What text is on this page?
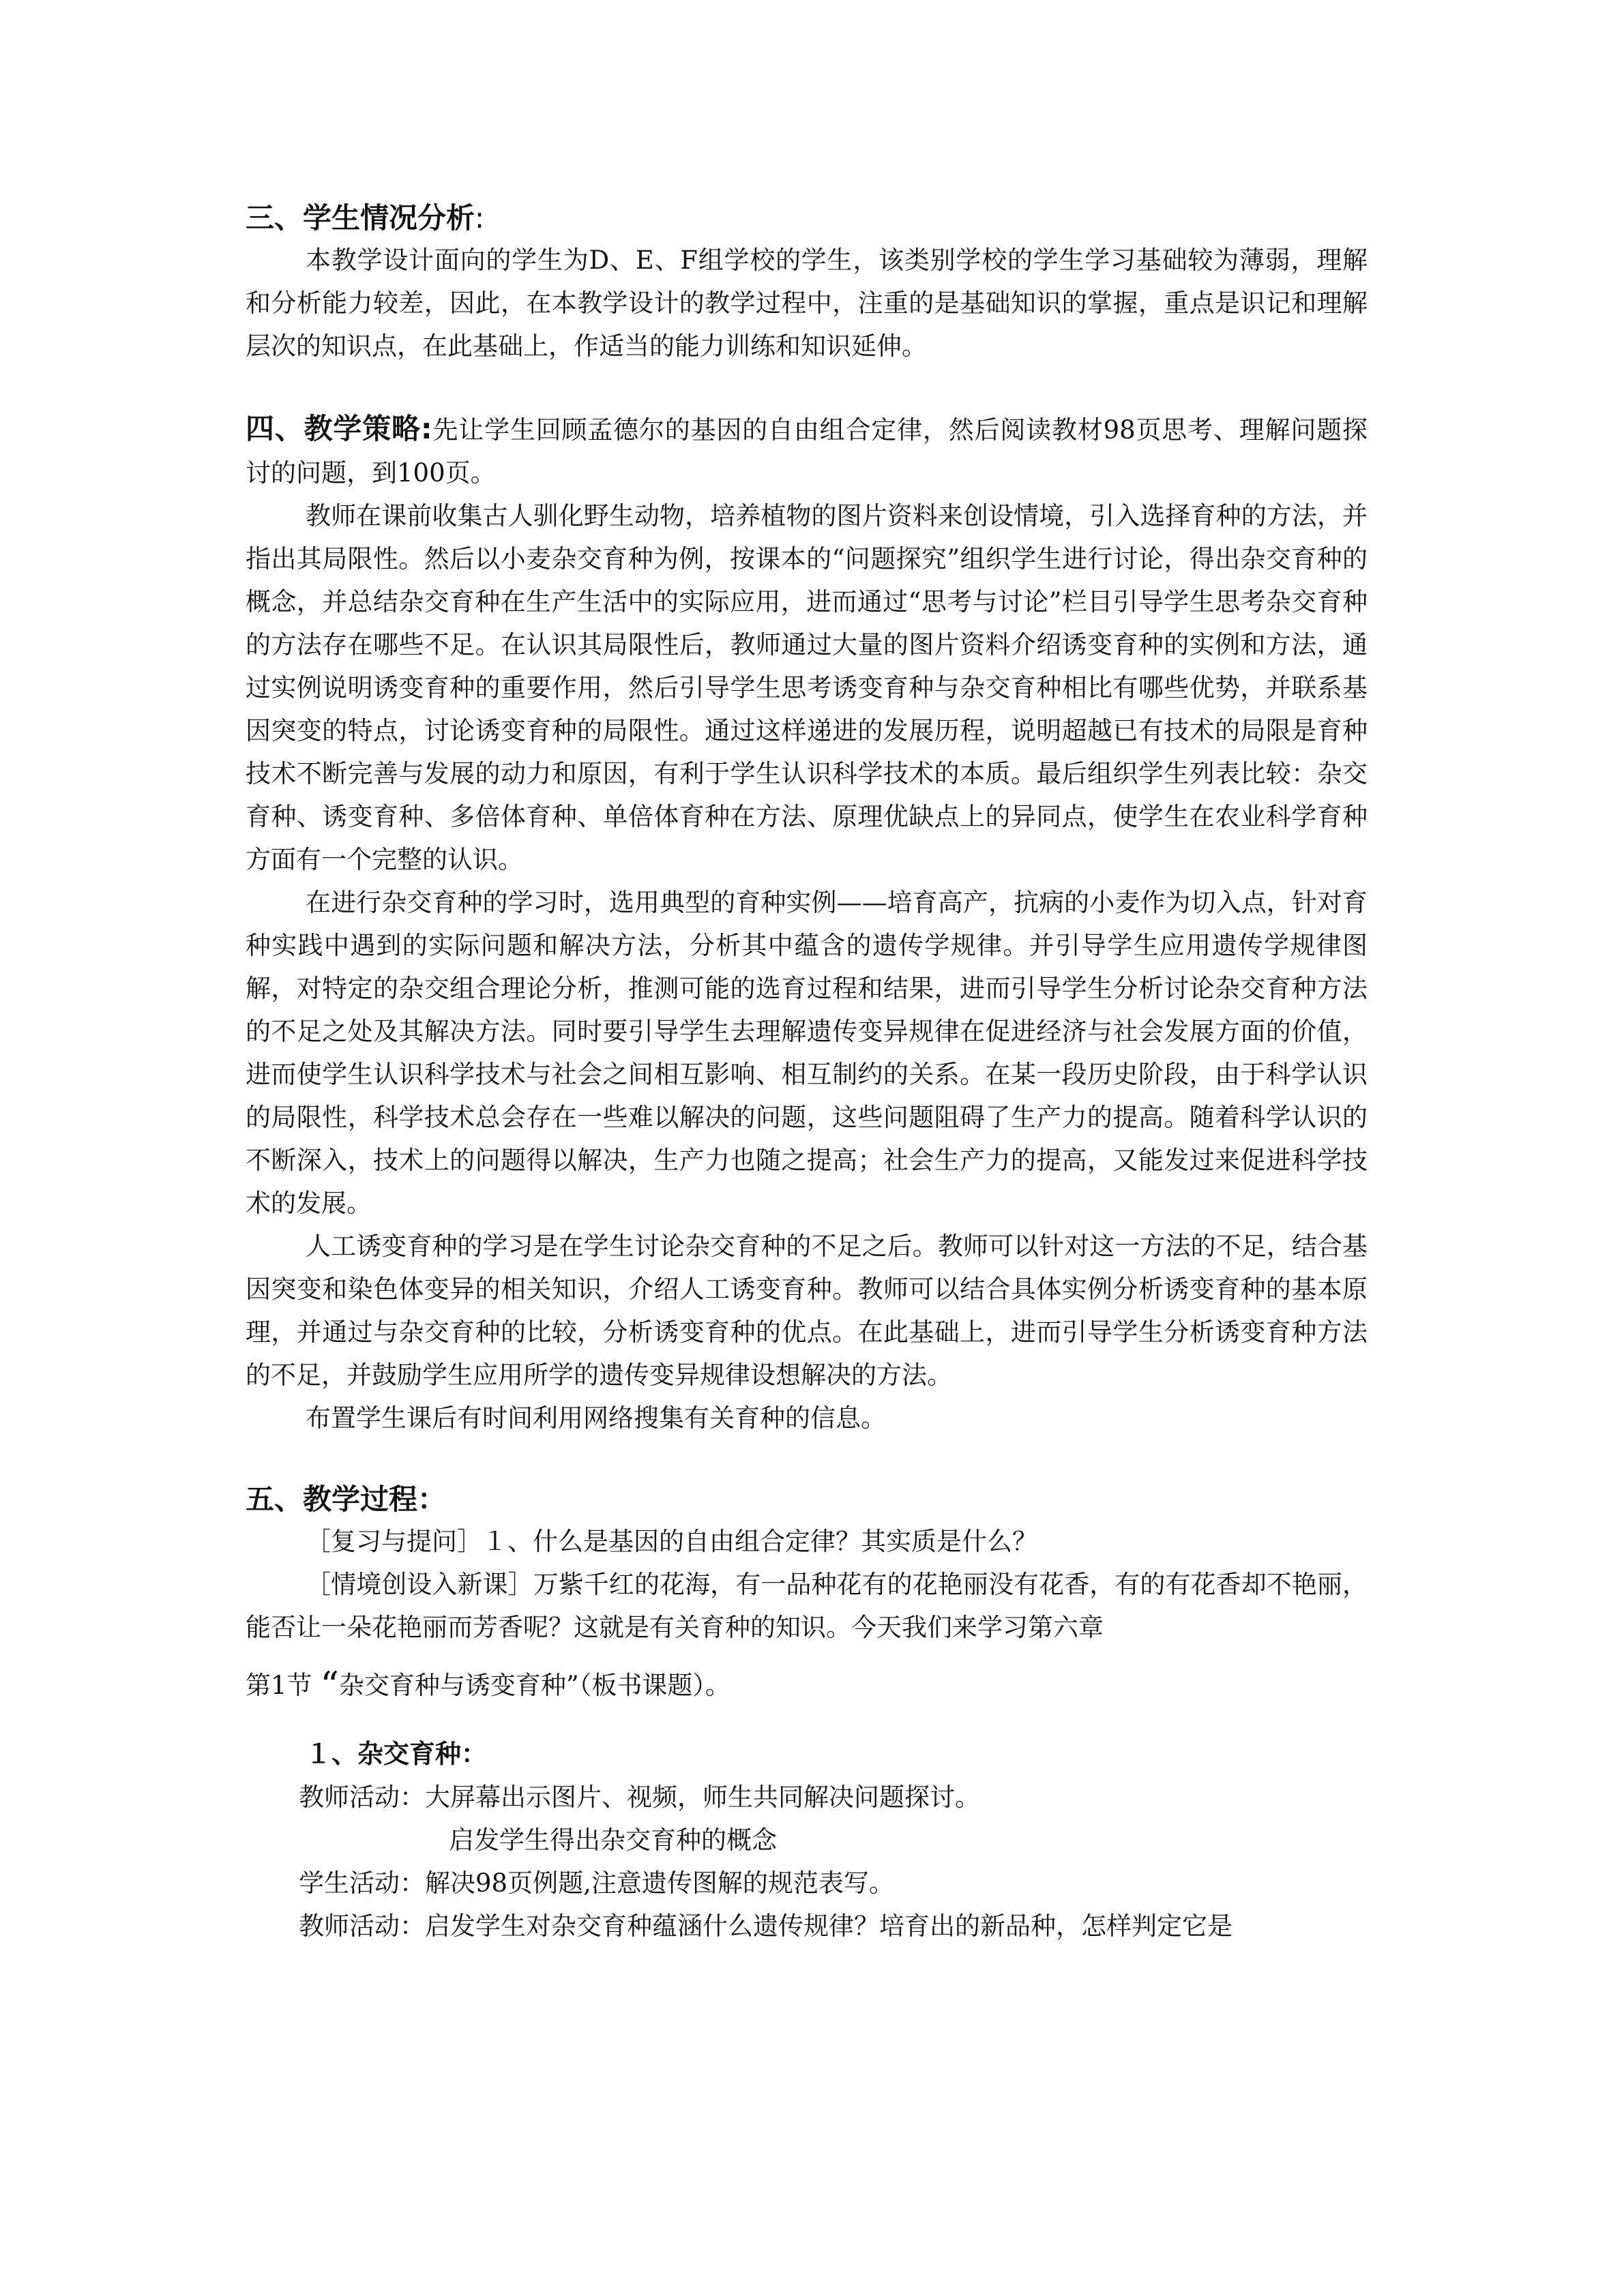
三、学生情况分析:

本教学设计面向的学生为D、E、F组学校的学生，该类别学校的学生学习基础较为薄弱，理解和分析能力较差，因此，在本教学设计的教学过程中，注重的是基础知识的掌握，重点是识记和理解层次的知识点，在此基础上，作适当的能力训练和知识延伸。

四、教学策略:先让学生回顾孟德尔的基因的自由组合定律，然后阅读教材98页思考、理解问题探讨的问题，到100页。

教师在课前收集古人驯化野生动物，培养植物的图片资料来创设情境，引入选择育种的方法，并指出其局限性。然后以小麦杂交育种为例，按课本的“问题探究”组织学生进行讨论，得出杂交育种的概念，并总结杂交育种在生产生活中的实际应用，进而通过“思考与讨论”栏目引导学生思考杂交育种的方法存在哪些不足。在认识其局限性后，教师通过大量的图片资料介绍诱变育种的实例和方法，通过实例说明诱变育种的重要作用，然后引导学生思考诱变育种与杂交育种相比有哪些优势，并联系基因突变的特点，讨论诱变育种的局限性。通过这样递进的发展历程，说明超越已有技术的局限是育种技术不断完善与发展的动力和原因，有利于学生认识科学技术的本质。最后组织学生列表比较：杂交育种、诱变育种、多倍体育种、单倍体育种在方法、原理优缺点上的异同点，使学生在农业科学育种方面有一个完整的认识。

在进行杂交育种的学习时，选用典型的育种实例——培育高产，抗病的小麦作为切入点，针对育种实践中遇到的实际问题和解决方法，分析其中蕴含的遗传学规律。并引导学生应用遗传学规律图解，对特定的杂交组合理论分析，推测可能的选育过程和结果，进而引导学生分析讨论杂交育种方法的不足之处及其解决方法。同时要引导学生去理解遗传变异规律在促进经济与社会发展方面的价值，进而使学生认识科学技术与社会之间相互影响、相互制约的关系。在某一段历史阶段，由于科学认识的局限性，科学技术总会存在一些难以解决的问题，这些问题阻碍了生产力的提高。随着科学认识的不断深入，技术上的问题得以解决，生产力也随之提高；社会生产力的提高，又能发过来促进科学技术的发展。

人工诱变育种的学习是在学生讨论杂交育种的不足之后。教师可以针对这一方法的不足，结合基因突变和染色体变异的相关知识，介绍人工诱变育种。教师可以结合具体实例分析诱变育种的基本原理，并通过与杂交育种的比较，分析诱变育种的优点。在此基础上，进而引导学生分析诱变育种方法的不足，并鼓励学生应用所学的遗传变异规律设想解决的方法。

布置学生课后有时间利用网络搜集有关育种的信息。

五、教学过程：

［复习与提问］１、什么是基因的自由组合定律？其实质是什么？

［情境创设入新课］万紫千红的花海，有一品种花有的花艳丽没有花香，有的有花香却不艳丽，能否让一朵花艳丽而芳香呢？这就是有关育种的知识。今天我们来学习第六章

第1节 “杂交育种与诱变育种”（板书课题）。

１、杂交育种：
教师活动： 大屏幕出示图片、视频，师生共同解决问题探讨。
启发学生得出杂交育种的概念
学生活动： 解决98页例题,注意遗传图解的规范表写。
教师活动： 启发学生对杂交育种蕴涵什么遗传规律？培育出的新品种，怎样判定它是
